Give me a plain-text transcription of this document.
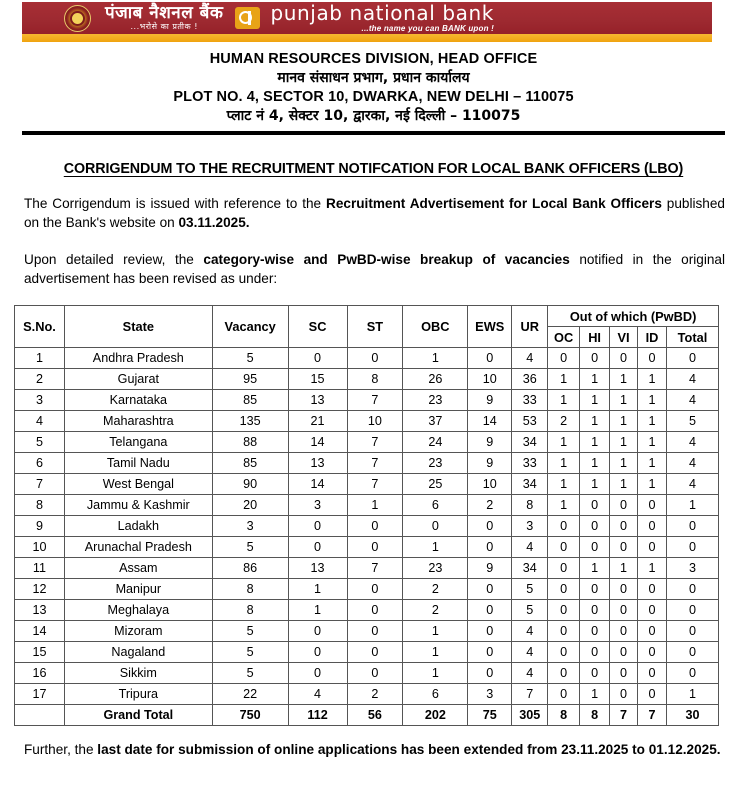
पंजाब नैशनल बैंक
...भरोसे का प्रतीक !
punjab national bank
...the name you can BANK upon !
HUMAN RESOURCES DIVISION, HEAD OFFICE
मानव संसाधन प्रभाग, प्रधान कार्यालय
PLOT NO. 4, SECTOR 10, DWARKA, NEW DELHI – 110075
प्लाट नं 4, सेक्टर 10, द्वारका, नई दिल्ली – 110075
CORRIGENDUM TO THE RECRUITMENT NOTIFCATION FOR LOCAL BANK OFFICERS (LBO)

The Corrigendum is issued with reference to the Recruitment Advertisement for Local Bank Officers published on the Bank's website on 03.11.2025.

Upon detailed review, the category-wise and PwBD-wise breakup of vacancies notified in the original advertisement has been revised as under:

S.No.	State	Vacancy	SC	ST	OBC	EWS	UR	Out of which (PwBD)				
								OC	HI	VI	ID	Total
1	Andhra Pradesh	5	0	0	1	0	4	0	0	0	0	0
2	Gujarat	95	15	8	26	10	36	1	1	1	1	4
3	Karnataka	85	13	7	23	9	33	1	1	1	1	4
4	Maharashtra	135	21	10	37	14	53	2	1	1	1	5
5	Telangana	88	14	7	24	9	34	1	1	1	1	4
6	Tamil Nadu	85	13	7	23	9	33	1	1	1	1	4
7	West Bengal	90	14	7	25	10	34	1	1	1	1	4
8	Jammu & Kashmir	20	3	1	6	2	8	1	0	0	0	1
9	Ladakh	3	0	0	0	0	3	0	0	0	0	0
10	Arunachal Pradesh	5	0	0	1	0	4	0	0	0	0	0
11	Assam	86	13	7	23	9	34	0	1	1	1	3
12	Manipur	8	1	0	2	0	5	0	0	0	0	0
13	Meghalaya	8	1	0	2	0	5	0	0	0	0	0
14	Mizoram	5	0	0	1	0	4	0	0	0	0	0
15	Nagaland	5	0	0	1	0	4	0	0	0	0	0
16	Sikkim	5	0	0	1	0	4	0	0	0	0	0
17	Tripura	22	4	2	6	3	7	0	1	0	0	1
	Grand Total	750	112	56	202	75	305	8	8	7	7	30

Further, the last date for submission of online applications has been extended from 23.11.2025 to 01.12.2025.
